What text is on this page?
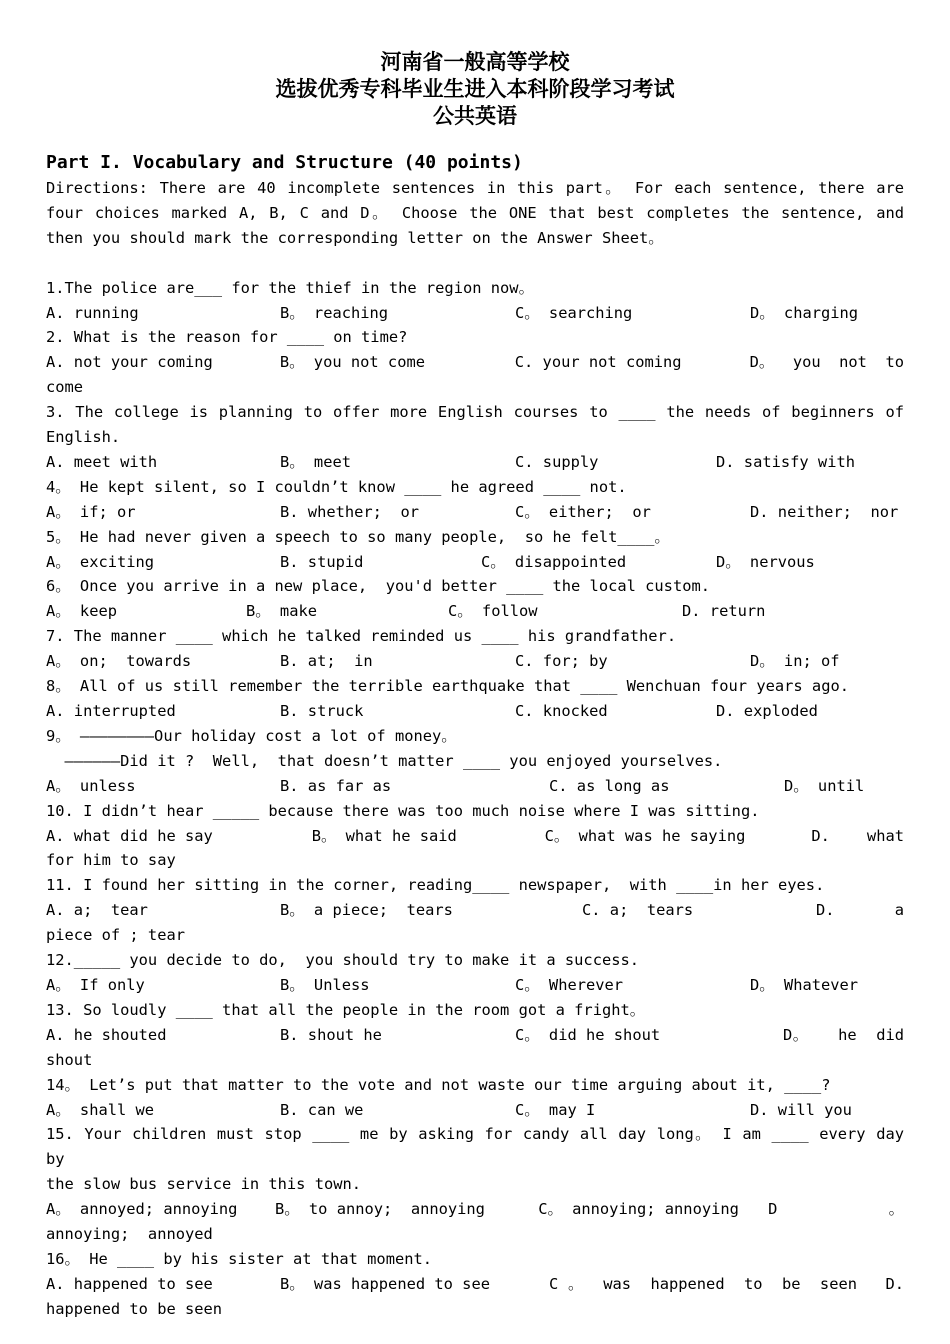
河南省一般高等学校
选拔优秀专科毕业生进入本科阶段学习考试
公共英语
Part I. Vocabulary and Structure (40 points)
Directions: There are 40 incomplete sentences in this part。 For each sentence, there are four choices marked A, B, C and D。 Choose the ONE that best completes the sentence, and then you should mark the corresponding letter on the Answer Sheet。
1.The police are___ for the thief in the region now。
A. running	B。 reaching	C。 searching	D。 charging
2. What is the reason for ____ on time?
A. not your coming	B。 you not come	C. your not coming	D。  you  not  to
come
3. The college is planning to offer more English courses to ____ the needs of beginners of
English.
A. meet with	B。 meet	C. supply	D. satisfy with
4。 He kept silent, so I couldn’t know ____ he agreed ____ not.
A。 if; or	B. whether;  or	C。 either;  or	D. neither;  nor
5。 He had never given a speech to so many people,  so he felt____。
A。 exciting	B. stupid	C。 disappointed	D。 nervous
6。 Once you arrive in a new place,  you'd better ____ the local custom.
A。 keep	B。 make	C。 follow	D. return
7. The manner ____ which he talked reminded us ____ his grandfather.
A。 on;  towards	B. at;  in	C. for; by	D。 in; of
8。 All of us still remember the terrible earthquake that ____ Wenchuan four years ago.
A. interrupted	B. struck	C. knocked	D. exploded
9。 ————————Our holiday cost a lot of money。
——————Did it ?  Well,  that doesn’t matter ____ you enjoyed yourselves.
A。 unless	B. as far as	C. as long as	D。 until
10. I didn’t hear _____ because there was too much noise where I was sitting.
A. what did he say	B。 what he said	C。 what was he saying	D.    what
for him to say
11. I found her sitting in the corner, reading____ newspaper,  with ____in her eyes.
A. a;  tear	B。 a piece;  tears	C. a;  tears	D.      a
piece of ; tear
12._____ you decide to do,  you should try to make it a success.
A。 If only	B。 Unless	C。 Wherever	D。 Whatever
13. So loudly ____ that all the people in the room got a fright。
A. he shouted	B. shout he	C。 did he shout	D。   he  did
shout
14。 Let’s put that matter to the vote and not waste our time arguing about it, ____?
A。 shall we	B. can we	C。 may I	D. will you
15. Your children must stop ____ me by asking for candy all day long。 I am ____ every day by
the slow bus service in this town.
A。 annoyed; annoying	B。 to annoy;  annoying	C。 annoying; annoying	D            。
annoying;  annoyed
16。 He ____ by his sister at that moment.
A. happened to see	B。 was happened to see	C 。  was  happened  to  be  seen	D.
happened to be seen
